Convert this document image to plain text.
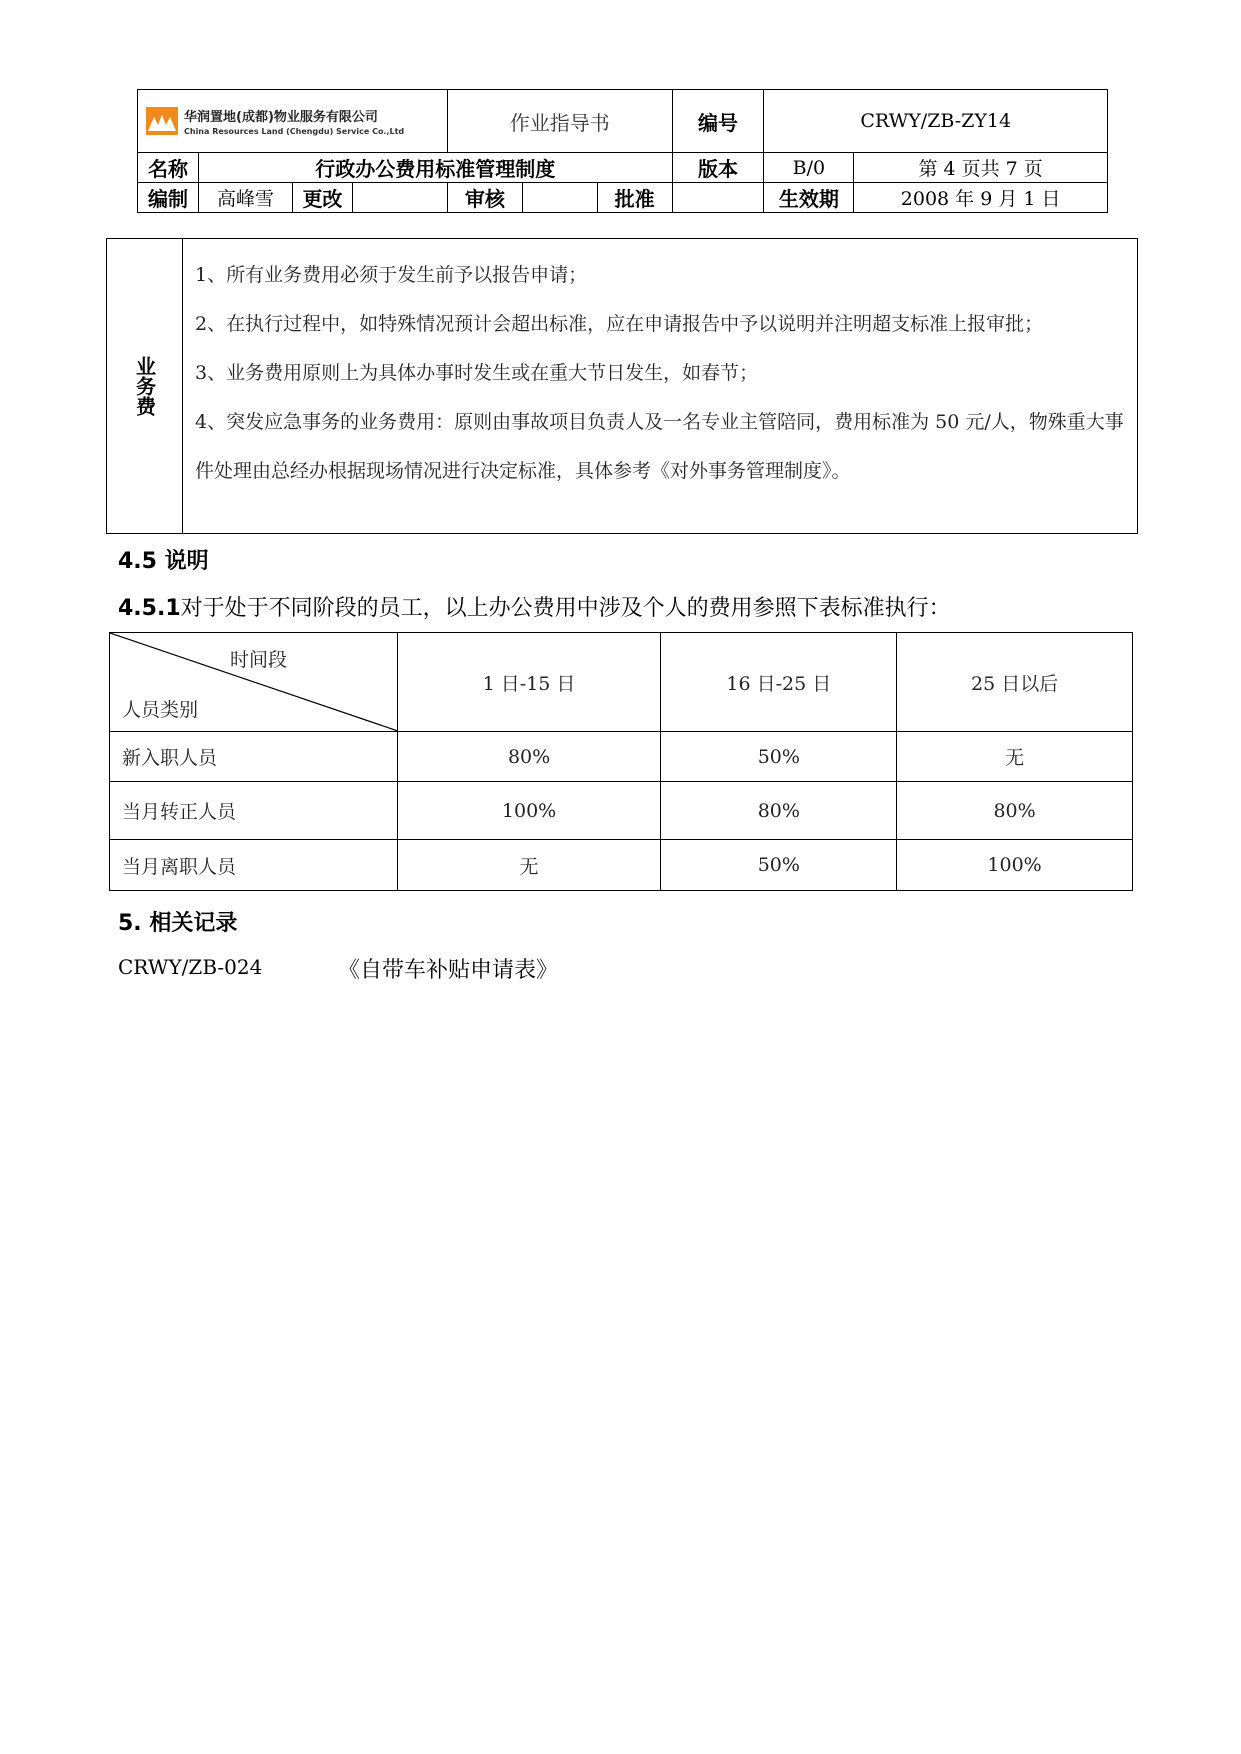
华润置地(成都)物业服务有限公司
China Resources Land (Chengdu) Service Co.,Ltd				作业指导书			编号	CRWY/ZB-ZY14	
名称	行政办公费用标准管理制度						版本	B/0	第 4 页共 7 页
编制	高峰雪	更改		审核		批准		生效期	2008 年 9 月 1 日
业务费

1、所有业务费用必须于发生前予以报告申请；

2、在执行过程中，如特殊情况预计会超出标准，应在申请报告中予以说明并注明超支标准上报审批；

3、业务费用原则上为具体办事时发生或在重大节日发生，如春节；

4、突发应急事务的业务费用：原则由事故项目负责人及一名专业主管陪同，费用标准为 50 元/人，物殊重大事件处理由总经办根据现场情况进行决定标准，具体参考《对外事务管理制度》。

4.5 说明
4.5.1对于处于不同阶段的员工，以上办公费用中涉及个人的费用参照下表标准执行：
时间段
人员类别	1 日-15 日	16 日-25 日	25 日以后
新入职人员	80%	50%	无
当月转正人员	100%	80%	80%
当月离职人员	无	50%	100%
5. 相关记录
CRWY/ZB-024	《自带车补贴申请表》
